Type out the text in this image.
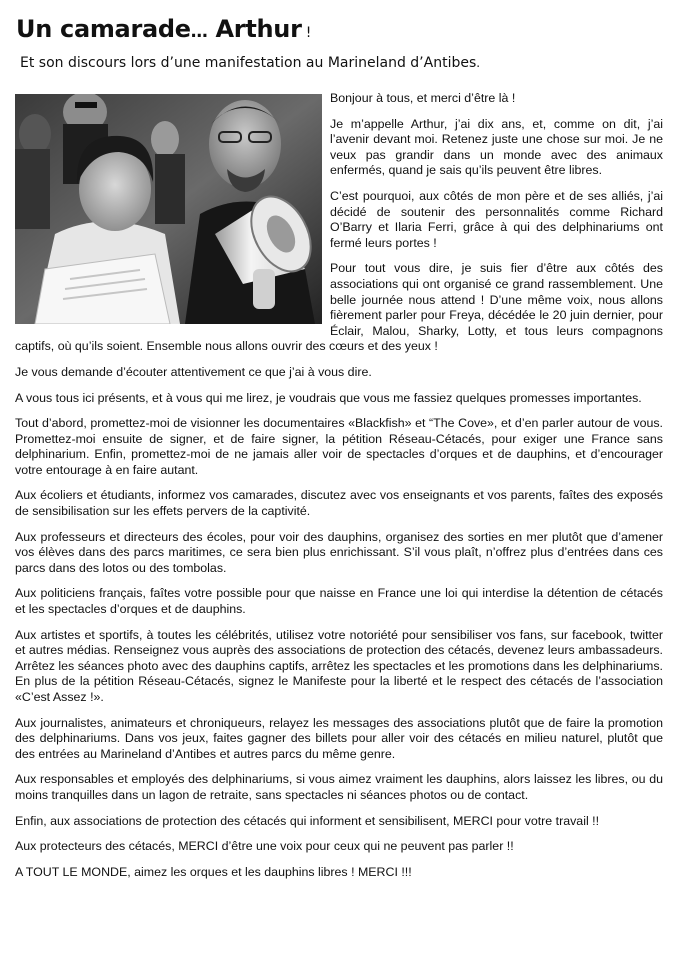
Un camarade… Arthur !
Et son discours lors d’une manifestation au Marineland d’Antibes.

Bonjour à tous, et merci d’être là !

Je m’appelle Arthur, j’ai dix ans, et, comme on dit, j’ai l’avenir devant moi. Retenez juste une chose sur moi. Je ne veux pas grandir dans un monde avec des animaux enfermés, quand je sais qu’ils peuvent être libres.

C’est pourquoi, aux côtés de mon père et de ses alliés, j’ai décidé de soutenir des personnalités comme Richard O’Barry et Ilaria Ferri, grâce à qui des delphinariums ont fermé leurs portes !

Pour tout vous dire, je suis fier d’être aux côtés des associations qui ont organisé ce grand rassemblement. Une belle journée nous attend ! D’une même voix, nous allons fièrement parler pour Freya, décédée le 20 juin dernier, pour Éclair, Malou, Sharky, Lotty, et tous leurs compagnons captifs, où qu’ils soient. Ensemble nous allons ouvrir des cœurs et des yeux !

Je vous demande d’écouter attentivement ce que j’ai à vous dire.

A vous tous ici présents, et à vous qui me lirez, je voudrais que vous me fassiez quelques promesses importantes.

Tout d’abord, promettez-moi de visionner les documentaires «Blackfish» et “The Cove», et d’en parler autour de vous. Promettez-moi ensuite de signer, et de faire signer, la pétition Réseau-Cétacés, pour exiger une France sans delphinarium. Enfin, promettez-moi de ne jamais aller voir de spectacles d’orques et de dauphins, et d’encourager votre entourage à en faire autant.

Aux écoliers et étudiants, informez vos camarades, discutez avec vos enseignants et vos parents, faîtes des exposés de sensibilisation sur les effets pervers de la captivité.

Aux professeurs et directeurs des écoles, pour voir des dauphins, organisez des sorties en mer plutôt que d’amener vos élèves dans des parcs maritimes, ce sera bien plus enrichissant. S’il vous plaît, n’offrez plus d’entrées dans ces parcs dans des lotos ou des tombolas.

Aux politiciens français, faîtes votre possible pour que naisse en France une loi qui interdise la détention de cétacés et les spectacles d’orques et de dauphins.

Aux artistes et sportifs, à toutes les célébrités, utilisez votre notoriété pour sensibiliser vos fans, sur facebook, twitter et autres médias. Renseignez vous auprès des associations de protection des cétacés, devenez leurs ambassadeurs. Arrêtez les séances photo avec des dauphins captifs, arrêtez les spectacles et les promotions dans les delphinariums. En plus de la pétition Réseau-Cétacés, signez le Manifeste pour la liberté et le respect des cétacés de l’association «C’est Assez !».

Aux journalistes, animateurs et chroniqueurs, relayez les messages des associations plutôt que de faire la promotion des delphinariums. Dans vos jeux, faites gagner des billets pour aller voir des cétacés en milieu naturel, plutôt que des entrées au Marineland d’Antibes et autres parcs du même genre.

Aux responsables et employés des delphinariums, si vous aimez vraiment les dauphins, alors laissez les libres, ou du moins tranquilles dans un lagon de retraite, sans spectacles ni séances photos ou de contact.

Enfin, aux associations de protection des cétacés qui informent et sensibilisent, MERCI pour votre travail !!

Aux protecteurs des cétacés, MERCI d’être une voix pour ceux qui ne peuvent pas parler !!

A TOUT LE MONDE, aimez les orques et les dauphins libres ! MERCI !!!
